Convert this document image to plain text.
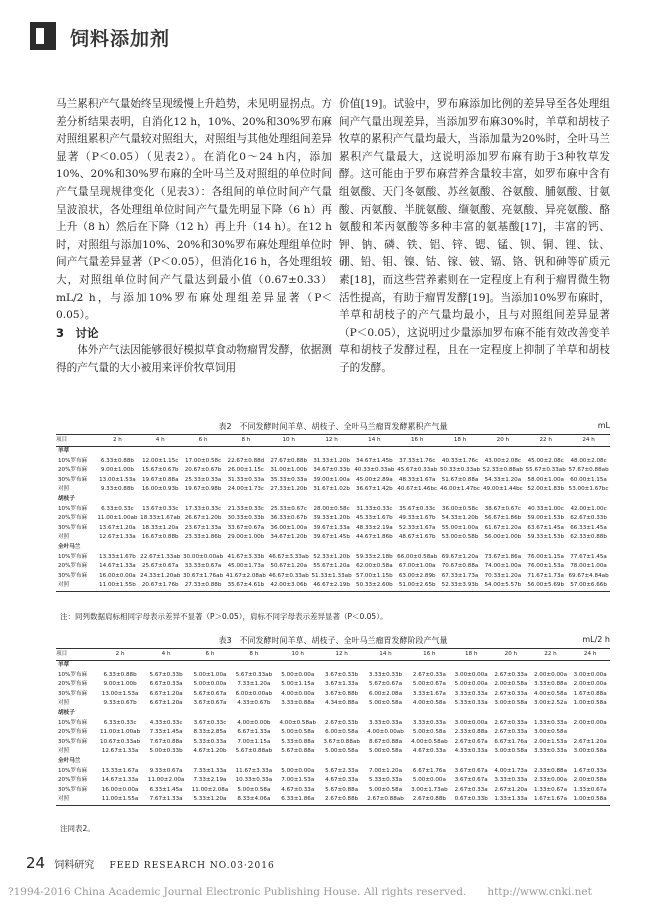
饲料添加剂

马兰累积产气量始终呈现缓慢上升趋势，未见明显拐点。方差分析结果表明，自消化12 h，10%、20%和30%罗布麻对照组累积产气量较对照组大，对照组与其他处理组间差异显著（P＜0.05）（见表2）。在消化0～24 h内，添加10%、20%和30%罗布麻的全叶马兰及对照组的单位时间产气量呈现规律变化（见表3）：各组间的单位时间产气量呈波浪状，各处理组单位时间产气量先明显下降（6 h）再上升（8 h）然后在下降（12 h）再上升（14 h）。在12 h时，对照组与添加10%、20%和30%罗布麻处理组单位时间产气量差异显著（P＜0.05），但消化16 h，各处理组较大，对照组单位时间产气量达到最小值（0.67±0.33）mL/2 h，与添加10%罗布麻处理组差异显著（P＜0.05）。

3　讨论

体外产气法因能够很好模拟草食动物瘤胃发酵，依据测得的产气量的大小被用来评价牧草饲用

价值[19]。试验中，罗布麻添加比例的差异导至各处理组间产气量出现差异，当添加罗布麻30%时，羊草和胡枝子牧草的累积产气量均最大，当添加量为20%时，全叶马兰累积产气量最大，这说明添加罗布麻有助于3种牧草发酵。这可能由于罗布麻营养含量较丰富，如罗布麻中含有组氨酸、天门冬氨酸、苏丝氨酸、谷氨酸、脯氨酸、甘氨酸、丙氨酸、半胱氨酸、缬氨酸、亮氨酸、异亮氨酸、酪氨酸和苯丙氨酸等多种丰富的氨基酸[17]，丰富的钙、钾、钠、磷、铁、铝、锌、锶、锰、钡、铜、锂、钛、硼、铅、钼、镍、钴、镓、铍、镉、铬、钒和砷等矿质元素[18]，而这些营养素则在一定程度上有利于瘤胃微生物活性提高，有助于瘤胃发酵[19]。当添加10%罗布麻时，羊草和胡枝子的产气量均最小，且与对照组间差异显著（P＜0.05），这说明过少量添加罗布麻不能有效改善变羊草和胡枝子发酵过程，且在一定程度上抑制了羊草和胡枝子的发酵。

表2　不同发酵时间羊草、胡枝子、全叶马兰瘤胃发酵累积产气量	mL
项目	2 h	4 h	6 h	8 h	10 h	12 h	14 h	16 h	18 h	20 h	22 h	24 h
羊草												
10%罗布麻	6.33±0.88b	12.00±1.15c	17.00±0.58c	22.67±0.88d	27.67±0.88b	31.33±1.20b	34.67±1.45b	37.33±1.76c	40.33±1.76c	43.00±2.08c	45.00±2.08c	48.00±2.08c
20%罗布麻	9.00±1.00b	15.67±0.67b	20.67±0.67b	26.00±1.15c	31.00±1.00b	34.67±0.33b	40.33±0.33ab	45.67±0.33ab	50.33±0.33ab	52.33±0.88ab	55.67±0.33ab	57.67±0.88ab
30%罗布麻	13.00±1.53a	19.67±0.88a	25.33±0.33a	31.33±0.33a	35.33±0.33a	39.00±1.00a	45.00±2.89a	48.33±1.67a	51.67±0.88a	54.33±1.20a	58.00±1.00a	60.00±1.15a
对照	9.33±0.88b	16.00±0.93b	19.67±0.98b	24.00±1.73c	27.33±1.20b	31.67±1.02b	36.67±1.42b	40.67±1.46bc	46.00±1.47bc	49.00±1.44bc	52.00±1.83b	53.00±1.67bc
胡枝子												
10%罗布麻	6.33±0.33c	13.67±0.33c	17.33±0.33c	21.33±0.33c	25.33±0.67c	28.00±0.58c	31.33±0.33c	35.67±0.33c	36.00±0.58c	38.67±0.67c	40.33±1.00c	42.00±1.00c
20%罗布麻	11.00±1.00ab	18.33±1.67ab	26.67±1.20b	30.33±0.33b	36.33±0.67b	39.33±1.20b	45.33±1.67b	49.33±1.67b	54.33±1.20b	56.67±1.86b	59.00±1.53b	62.67±0.33b
30%罗布麻	13.67±1.20a	18.33±1.20a	23.67±1.33a	33.67±0.67a	36.00±1.00a	39.67±1.33a	48.33±2.19a	52.33±1.67a	55.00±1.00a	61.67±1.20a	63.67±1.45a	66.33±1.45a
对照	12.67±1.33a	16.67±0.88b	23.33±1.86b	29.00±1.00b	34.67±1.20b	39.67±1.45b	44.67±1.86b	48.67±1.67b	53.00±0.58b	56.00±1.00b	59.33±1.53b	62.33±0.88b
全叶马兰												
10%罗布麻	13.33±1.67b	22.67±1.33ab	30.00±0.00ab	41.67±3.33b	46.67±3.33ab	52.33±1.20b	59.33±2.18b	66.00±0.58ab	69.67±1.20a	73.67±1.86a	76.00±1.15a	77.67±1.45a
20%罗布麻	14.67±1.33a	25.67±0.67a	33.33±0.67a	45.00±1.73a	50.67±1.20a	55.67±1.20a	62.00±0.58a	67.00±1.00a	70.67±0.88a	74.00±1.00a	76.00±1.53a	78.00±1.00a
30%罗布麻	16.00±0.00a	24.33±1.20ab	30.67±1.76ab	41.67±2.08ab	46.67±0.33ab	51.33±1.33ab	57.00±1.15b	63.00±2.89b	67.33±1.73a	70.33±1.20a	71.67±1.73a	69.67±4.84ab
对照	11.00±1.55b	20.67±1.76b	27.33±0.88b	35.67±4.61b	42.00±3.06b	46.67±2.19b	50.33±2.60b	51.00±2.65b	52.33±3.93b	54.00±5.57b	56.00±5.69b	57.00±6.66b
注：同列数据肩标相同字母表示差异不显著（P＞0.05），肩标不同字母表示差异显著（P＜0.05）。
表3　不同发酵时间羊草、胡枝子、全叶马兰瘤胃发酵阶段产气量	mL/2 h
项目	2 h	4 h	6 h	8 h	10 h	12 h	14 h	16 h	18 h	20 h	22 h	24 h
羊草												
10%罗布麻	6.33±0.88b	5.67±0.33b	5.00±1.00a	5.67±0.33ab	5.00±0.00a	3.67±0.33b	3.33±0.33b	2.67±0.33a	3.00±0.00a	2.67±0.33a	2.00±0.00a	3.00±0.00a
20%罗布麻	9.00±1.00b	6.67±0.33a	5.00±0.00a	7.33±1.20a	5.00±1.15a	3.67±1.33a	5.67±0.67a	5.00±0.67a	5.00±0.00a	2.00±0.58a	3.33±0.88a	2.00±0.00a
30%罗布麻	13.00±1.53a	6.67±1.20a	5.67±0.67a	6.00±0.00ab	4.00±0.00a	3.67±0.88b	6.00±2.08a	3.33±1.67a	3.33±0.33a	2.67±0.33a	4.00±0.58a	1.67±0.88a
对照	9.33±0.67b	6.67±1.20a	3.67±0.67a	4.33±0.67b	3.33±0.88a	4.34±0.88a	5.00±0.58a	4.00±0.58a	5.33±0.33a	3.00±0.58a	3.00±2.52a	1.00±0.58a
胡枝子												
10%罗布麻	6.33±0.33c	4.33±0.33c	3.67±0.33c	4.00±0.00b	4.00±0.58ab	2.67±0.33b	3.33±0.33a	3.33±0.33a	3.00±0.00a	2.67±0.33a	1.33±0.33a	2.00±0.00a
20%罗布麻	11.00±1.00ab	7.33±1.45a	8.33±2.85a	6.67±1.33a	5.00±0.58a	6.00±0.58a	4.00±0.00ab	5.00±0.58a	2.33±0.88a	2.67±0.33a	3.00±0.58a	
30%罗布麻	10.67±0.33ab	7.67±0.88a	5.33±0.33a	7.00±1.15a	5.33±0.88a	3.67±0.88ab	8.67±0.88a	4.00±0.58ab	2.67±0.67a	6.67±1.76a	2.00±1.53a	2.67±1.20a
对照	12.67±1.33a	5.00±0.33b	4.67±1.20b	5.67±0.88ab	5.67±0.88a	5.00±0.58a	5.00±0.58a	4.67±0.33a	4.33±0.33a	3.00±0.58a	3.33±0.33a	3.00±0.58a
全叶马兰												
10%罗布麻	13.33±1.67a	9.33±0.67a	7.33±1.33a	11.67±3.33a	5.00±0.00a	5.67±2.33a	7.00±1.20a	6.67±1.76a	3.67±0.67a	4.00±1.73a	2.33±0.88a	1.67±0.33a
20%罗布麻	14.67±1.33a	11.00±2.00a	7.33±2.19a	10.33±0.33a	7.00±1.53a	4.67±0.33a	5.33±0.33a	5.00±0.00a	3.67±0.67a	3.33±0.33a	2.33±0.00a	2.00±0.58a
30%罗布麻	16.00±0.00a	6.33±1.45a	11.00±2.08a	5.00±0.58a	4.67±0.33a	5.67±0.88a	5.00±0.58a	3.00±1.73ab	2.67±0.33a	2.67±1.20a	1.33±0.67a	1.33±0.67a
对照	11.00±1.55a	7.67±1.33a	5.33±1.20a	8.33±4.06a	6.33±1.86a	2.67±0.88b	2.67±0.88ab	2.67±0.88b	0.67±0.33b	1.33±1.33a	1.67±1.67a	1.00±0.58a
注同表2。
24 饲料研究 FEED RESEARCH NO.03·2016
?1994-2016 China Academic Journal Electronic Publishing House. All rights reserved.　　http://www.cnki.net
